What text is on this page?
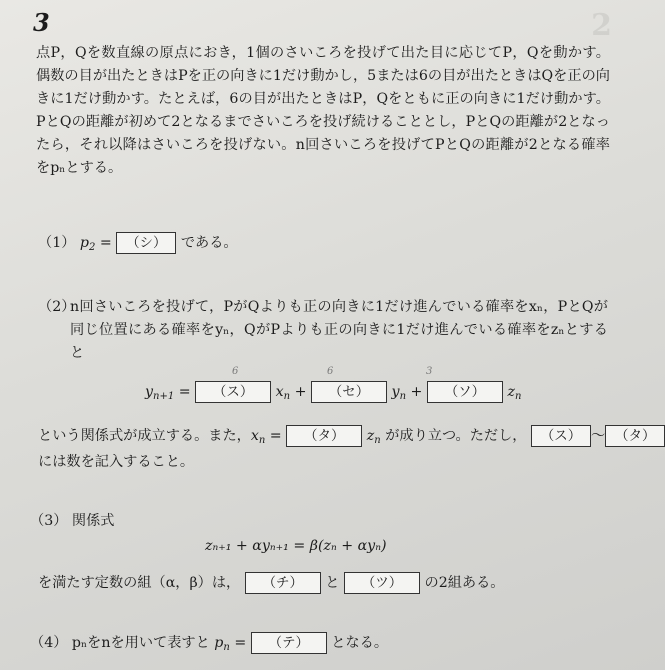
3	2
点P，Qを数直線の原点におき，1個のさいころを投げて出た目に応じてP，Qを動かす。偶数の目が出たときはPを正の向きに1だけ動かし，5または6の目が出たときはQを正の向きに1だけ動かす。たとえば，6の目が出たときはP，Qをともに正の向きに1だけ動かす。PとQの距離が初めて2となるまでさいころを投げ続けることとし，PとQの距離が2となったら，それ以降はさいころを投げない。n回さいころを投げてPとQの距離が2となる確率をpₙとする。
（1） $p_2$ = （シ） である。
（2）
n回さいころを投げて，PがQよりも正の向きに1だけ進んでいる確率をxₙ，PとQが同じ位置にある確率をyₙ，QがPよりも正の向きに1だけ進んでいる確率をzₙとすると
6	6	3
$y_{n+1}$ = （ス） $x_n$ + （セ） $y_n$ + （ソ） $z_n$
という関係式が成立する。また，$x_n$ = （タ） $z_n$ が成り立つ。ただし， （ス） ～ （タ）
には数を記入すること。
（3） 関係式
zₙ₊₁ + αyₙ₊₁ = β(zₙ + αyₙ)
を満たす定数の組（α，β）は， （チ） と （ツ） の2組ある。
（4） pₙをnを用いて表すと $p_n$ = （テ） となる。
